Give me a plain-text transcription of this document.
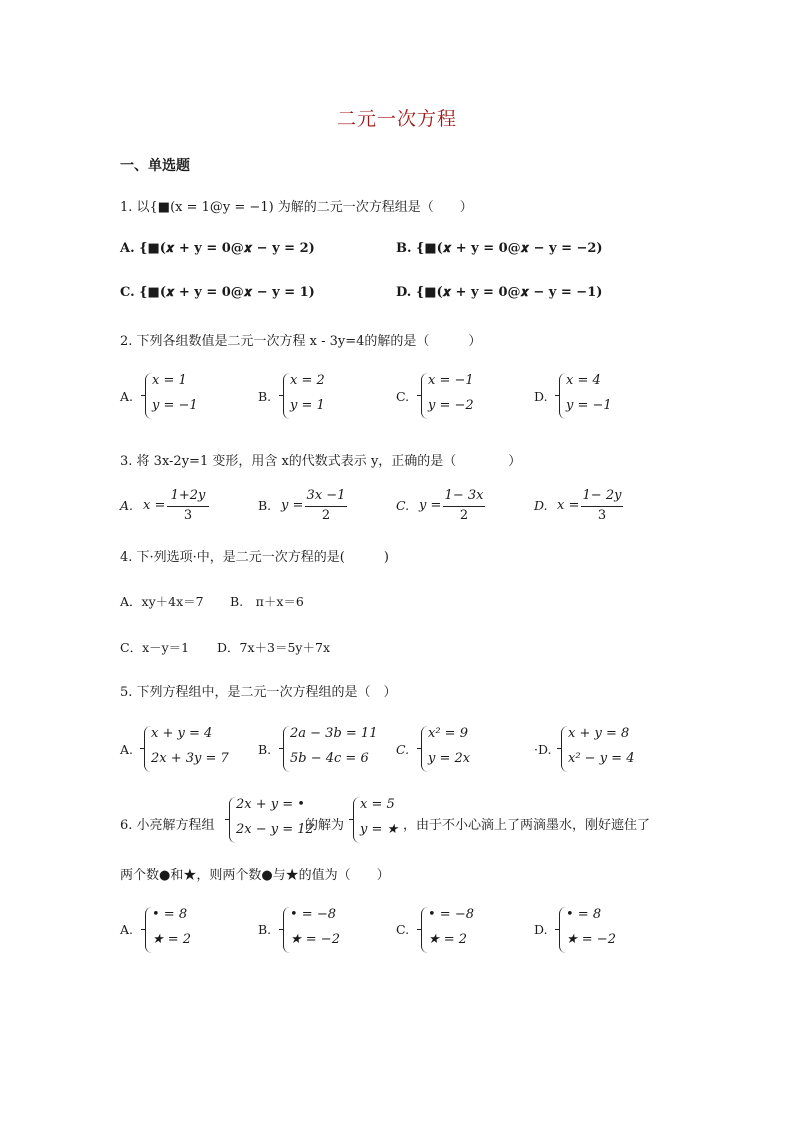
二元一次方程
一、单选题
1. 以{■(x = 1@y = −1) 为解的二元一次方程组是（　　）
A. {■(𝒙 + y = 𝟎@𝒙 − y = 𝟐)	B. {■(𝒙 + y = 𝟎@𝒙 − y = −𝟐)
C. {■(𝒙 + y = 𝟎@𝒙 − y = 𝟏)	D. {■(𝒙 + y = 𝟎@𝒙 − y = −𝟏)
2. 下列各组数值是二元一次方程 x - 3y=4的解的是（　　　）
A.
x = 1
y = −1
B.
x = 2
y = 1
C.
x = −1
y = −2
D.
x = 4
y = −1
3. 将 3x-2y=1 变形，用含 x的代数式表示 y，正确的是（　　　　）
A. x =
1+2y
3
B. y =
3x −1
2
C. y =
1− 3x
2
D. x =
1− 2y
3
4. 下·列选项·中，是二元一次方程的是(　　　)
A．xy＋4x＝7 B.　π＋x＝6
C．x－y＝1 D．7x＋3＝5y＋7x
5. 下列方程组中，是二元一次方程组的是（　）
A.
x + y = 4
2x + 3y = 7
B.
2a − 3b = 11
5b − 4c = 6
C.
x² = 9
y = 2x
·D.
x + y = 8
x² − y = 4
6. 小亮解方程组
2x + y = •
2x − y = 12
的解为
x = 5
y = ★ ，由于不小心滴上了两滴墨水，刚好遮住了
两个数●和★，则两个数●与★的值为（　　）
A.
• = 8
★ = 2
B.
• = −8
★ = −2
C.
• = −8
★ = 2
D.
• = 8
★ = −2
